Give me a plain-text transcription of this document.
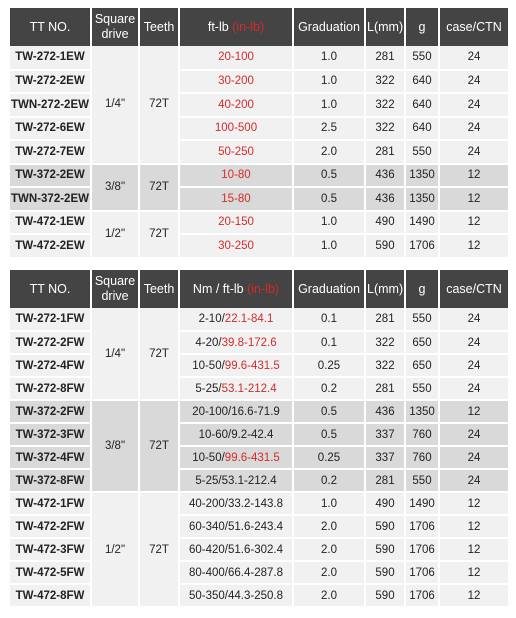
TT NO.	Square drive	Teeth	ft-lb (in-lb)	Graduation	L(mm)	g	case/CTN
TW-272-1EW	1/4"	72T	20-100	1.0	281	550	24
TW-272-2EW			30-200	1.0	322	640	24
TWN-272-2EW			40-200	1.0	322	640	24
TW-272-6EW			100-500	2.5	322	640	24
TW-272-7EW			50-250	2.0	281	550	24
TW-372-2EW	3/8"	72T	10-80	0.5	436	1350	12
TWN-372-2EW			15-80	0.5	436	1350	12
TW-472-1EW	1/2"	72T	20-150	1.0	490	1490	12
TW-472-2EW			30-250	1.0	590	1706	12
TT NO.	Square drive	Teeth	Nm / ft-lb (in-lb)	Graduation	L(mm)	g	case/CTN
TW-272-1FW	1/4"	72T	2-10/22.1-84.1	0.1	281	550	24
TW-272-2FW			4-20/39.8-172.6	0.1	322	650	24
TW-272-4FW			10-50/99.6-431.5	0.25	322	650	24
TW-272-8FW			5-25/53.1-212.4	0.2	281	550	24
TW-372-2FW	3/8"	72T	20-100/16.6-71.9	0.5	436	1350	12
TW-372-3FW			10-60/9.2-42.4	0.5	337	760	24
TW-372-4FW			10-50/99.6-431.5	0.25	337	760	24
TW-372-8FW			5-25/53.1-212.4	0.2	281	550	24
TW-472-1FW	1/2"	72T	40-200/33.2-143.8	1.0	490	1490	12
TW-472-2FW			60-340/51.6-243.4	2.0	590	1706	12
TW-472-3FW			60-420/51.6-302.4	2.0	590	1706	12
TW-472-5FW			80-400/66.4-287.8	2.0	590	1706	12
TW-472-8FW			50-350/44.3-250.8	2.0	590	1706	12
